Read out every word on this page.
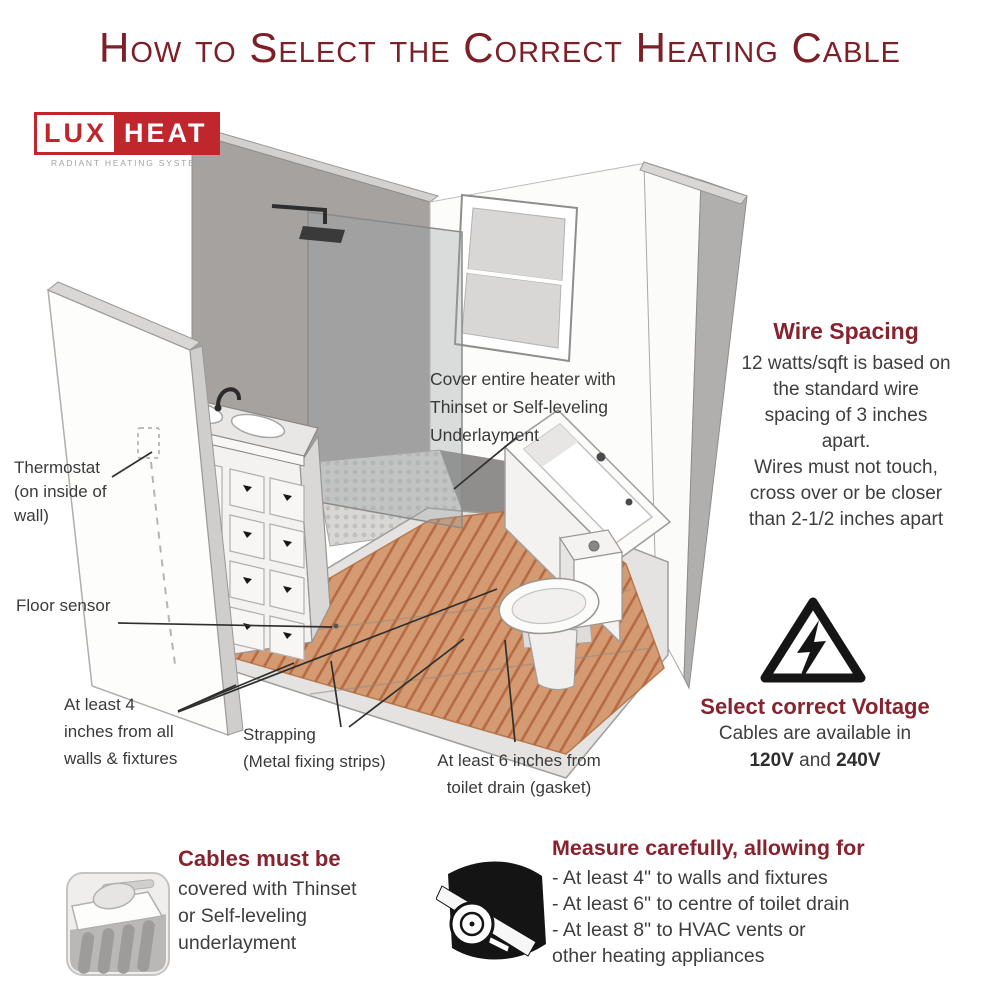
How to Select the Correct Heating Cable
LUX HEAT
RADIANT HEATING SYSTEMS
Thermostat
(on inside of
wall)
Floor sensor
At least 4
inches from all
walls & fixtures
Strapping
(Metal fixing strips)	At least 6 inches from
toilet drain (gasket)
Cover entire heater with
Thinset or Self-leveling
Underlayment
Wire Spacing
12 watts/sqft is based on
the standard wire
spacing of 3 inches
apart.
Wires must not touch,
cross over or be closer
than 2-1/2 inches apart
Select correct Voltage
Cables are available in
120V and 240V
Cables must be
covered with Thinset
or Self-leveling
underlayment
Measure carefully, allowing for
- At least 4" to walls and fixtures
- At least 6" to centre of toilet drain
- At least 8" to HVAC vents or
other heating appliances
